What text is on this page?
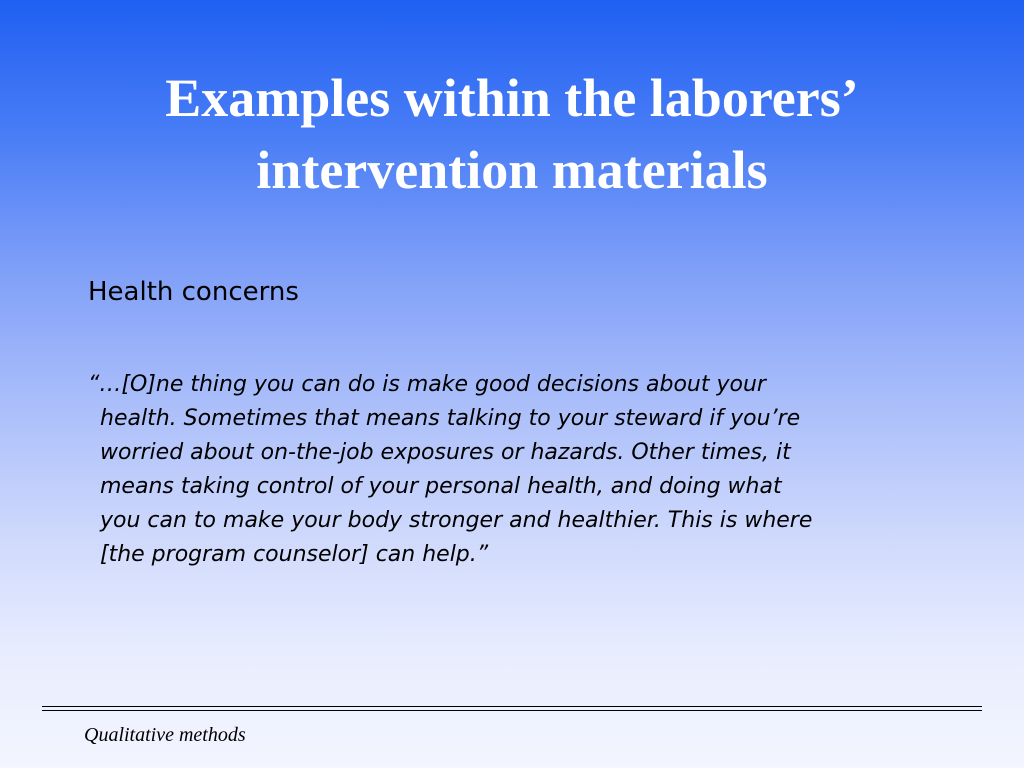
Examples within the laborers’
intervention materials
Health concerns
“…[O]ne thing you can do is make good decisions about your
health. Sometimes that means talking to your steward if you’re
worried about on-the-job exposures or hazards. Other times, it
means taking control of your personal health, and doing what
you can to make your body stronger and healthier. This is where
[the program counselor] can help.”
Qualitative methods
